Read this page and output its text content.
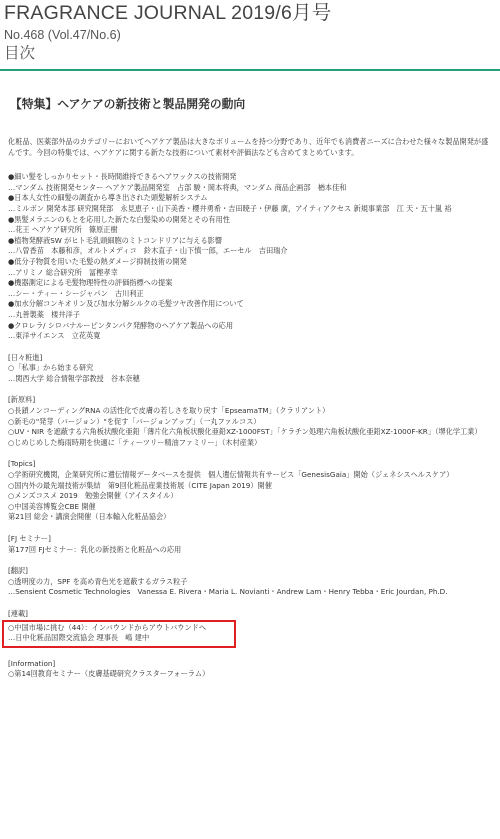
FRAGRANCE JOURNAL 2019/6月号
No.468 (Vol.47/No.6)
目次
【特集】ヘアケアの新技術と製品開発の動向
化粧品、医薬部外品のカテゴリーにおいてヘアケア製品は大きなボリュームを持つ分野であり、近年でも消費者ニーズに合わせた様々な製品開発が盛んです。今回の特集では、ヘアケアに関する新たな技術について素材や評価法なども含めてまとめています。
●細い髪をしっかりセット・長時間維持できるヘアワックスの技術開発
…マンダム 技術開発センター ヘアケア製品開発室　占部 駿・岡本将典，マンダム 商品企画部　楢本佳和
●日本人女性の細髪の調査から導き出された頭髪解析システム
…ミルボン 開発本部 研究開発部　永見恵子・山下美香・櫻井勇希・吉田暁子・伊藤 廣，アイティアクセス 新規事業部　江 天・五十嵐 裕
●黒髪メラニンのもとを応用した新たな白髪染めの開発とその有用性
…花王 ヘアケア研究所　篠原正樹
●植物発酵液SW がヒト毛乳頭細胞のミトコンドリアに与える影響
…八曽香苗　本藤和彦，オルトメディコ　鈴木直子・山下慎一郎，エーセル　吉田瑞介
●低分子物質を用いた毛髪の熱ダメージ抑制技術の開発
…アリミノ 総合研究所　冨樫孝幸
●機器測定による毛髪物理特性の評価指標への提案
…シー・ティー・シージャパン　古川利正
●加水分解コンキオリン及び加水分解シルクの毛髪ツヤ改善作用について
…丸善製薬　楼井洋子
●クロレラ/ シロバナルーピンタンパク発酵物のヘアケア製品への応用
…東洋サイエンス　立花英寛
[日々粧進]
○「私事」から始まる研究
…関西大学 総合情報学部教授　谷本奈穂
[新原料]
○長鎖ノンコーディングRNA の活性化で皮膚の若しさを取り戻す「EpseamaTM」（クラリアント）
○新毛の"発芽（バージョン）"を促す「バージョンアップ」（一丸ファルコス）
○UV・NIR を遮蔽する六角板状酸化亜鉛「薄片化六角板状酸化亜鉛XZ-1000FST」「ケラチン処理六角板状酸化亜鉛XZ-1000F-KR」（堺化学工業）
○じめじめした梅雨時期を快適に「ティーツリー精油ファミリー」（木村産業）
[Topics]
○学術研究機関，企業研究所に遺伝情報データベースを提供　個人遺伝情報共有サービス「GenesisGaia」開始（ジェネシスヘルスケア）
○国内外の最先端技術が集結　第9回化粧品産業技術展（CITE Japan 2019）開催
○メンズコスメ 2019　勉強会開催（アイスタイル）
○中国美容博覧会CBE 開催
第21回 総会・講演会開催（日本輸入化粧品協会）
[FJ セミナー]
第177回 FJセミナー：乳化の新技術と化粧品への応用
[翻訳]
○透明度の力，SPF を高め青色光を遮蔽するガラス粒子
…Sensient Cosmetic Technologies　Vanessa E. Rivera・Maria L. Novianti・Andrew Lam・Henry Tebba・Eric Jourdan, Ph.D.
[連載]
○中国市場に挑む（44）：インバウンドからアウトバウンドへ
…日中化粧品国際交流協会 理事長　嶋 建中
[Information]
○第14回教育セミナー（皮膚基礎研究クラスターフォーラム）
